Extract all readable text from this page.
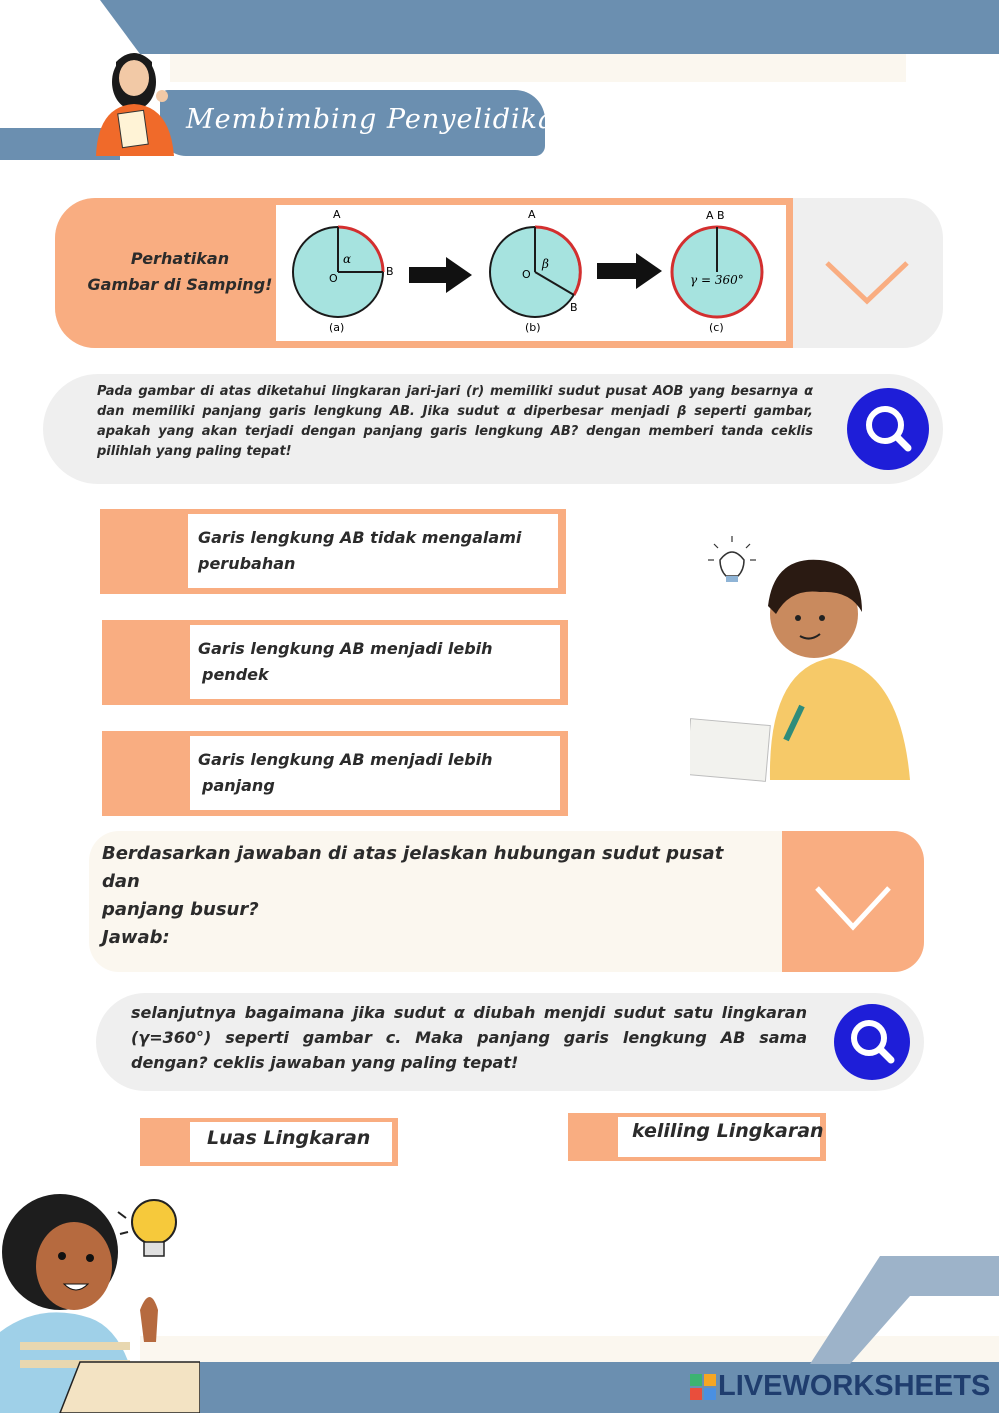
Membimbing Penyelidikan
Perhatikan
Gambar di Samping!
A
B
O
α
(a)
A
B
O
β
(b)
A B
γ = 360°
(c)
Pada gambar di atas diketahui lingkaran jari-jari (r) memiliki sudut pusat AOB yang besarnya α dan memiliki panjang garis lengkung AB. Jika sudut α diperbesar menjadi β seperti gambar, apakah yang akan terjadi dengan panjang garis lengkung AB? dengan memberi tanda ceklis pilihlah yang paling tepat!
Garis lengkung AB tidak mengalami
perubahan
Garis lengkung AB menjadi lebih
pendek
Garis lengkung AB menjadi lebih
panjang
Berdasarkan jawaban di atas jelaskan hubungan sudut pusat dan
panjang busur?
Jawab:
selanjutnya bagaimana jika sudut α diubah menjdi sudut satu lingkaran (γ=360°) seperti gambar c. Maka panjang garis lengkung AB sama dengan? ceklis jawaban yang paling tepat!
Luas Lingkaran	keliling Lingkaran
LIVEWORKSHEETS
